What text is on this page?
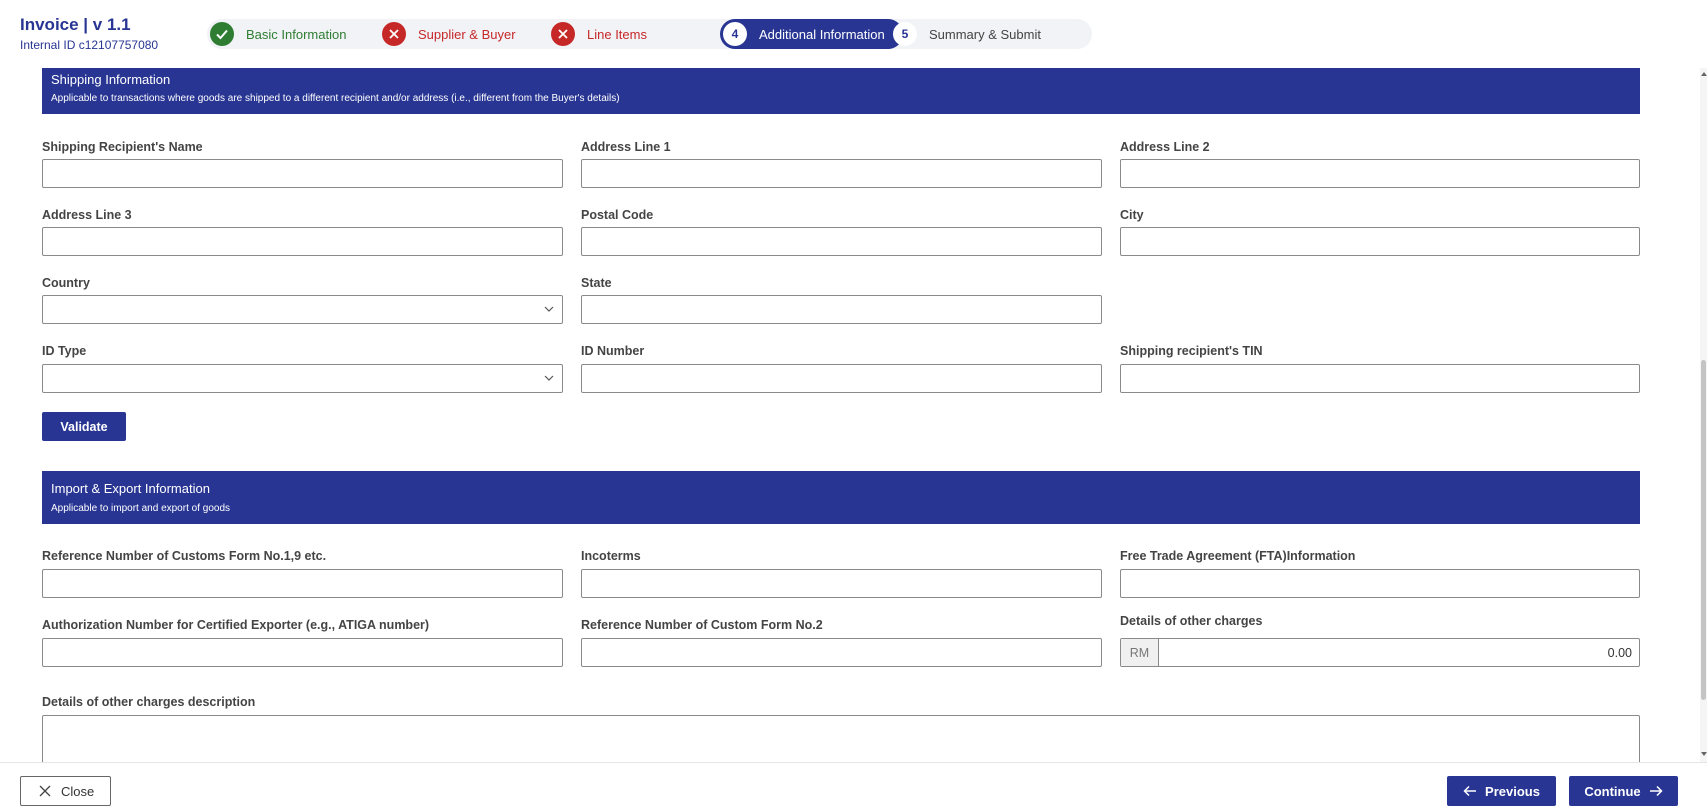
Invoice | v 1.1
Internal ID c12107757080
Basic Information	Supplier & Buyer	Line Items	4	Additional Information	5	Summary & Submit
Shipping Information
Applicable to transactions where goods are shipped to a different recipient and/or address (i.e., different from the Buyer's details)
Shipping Recipient's Name	Address Line 1	Address Line 2
Address Line 3	Postal Code	City
Country	State
ID Type	ID Number	Shipping recipient's TIN
Validate
Import & Export Information
Applicable to import and export of goods
Reference Number of Customs Form No.1,9 etc.	Incoterms	Free Trade Agreement (FTA)Information
Authorization Number for Certified Exporter (e.g., ATIGA number)	Reference Number of Custom Form No.2	Details of other charges
RM	0.00
Details of other charges description
Close	Previous	Continue
